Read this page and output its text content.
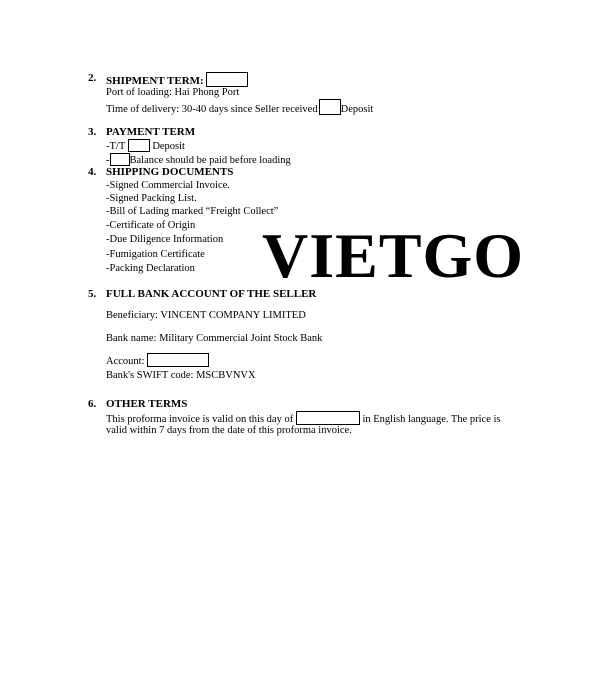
2. SHIPMENT TERM:
Port of loading: Hai Phong Port
Time of delivery: 30-40 days since Seller received Deposit
3. PAYMENT TERM
-T/T	Deposit
- Balance should be paid before loading
4. SHIPPING DOCUMENTS
-Signed Commercial Invoice.
-Signed Packing List.
-Bill of Lading marked “Freight Collect”
-Certificate of Origin
-Due Diligence Information
-Fumigation Certificate
-Packing Declaration VIETGO
5. FULL BANK ACCOUNT OF THE SELLER
Beneficiary: VINCENT COMPANY LIMITED
Bank name: Military Commercial Joint Stock Bank
Account:
Bank's SWIFT code: MSCBVNVX
6. OTHER TERMS
This proforma invoice is valid on this day of	in English language. The price is
valid within 7 days from the date of this proforma invoice.
